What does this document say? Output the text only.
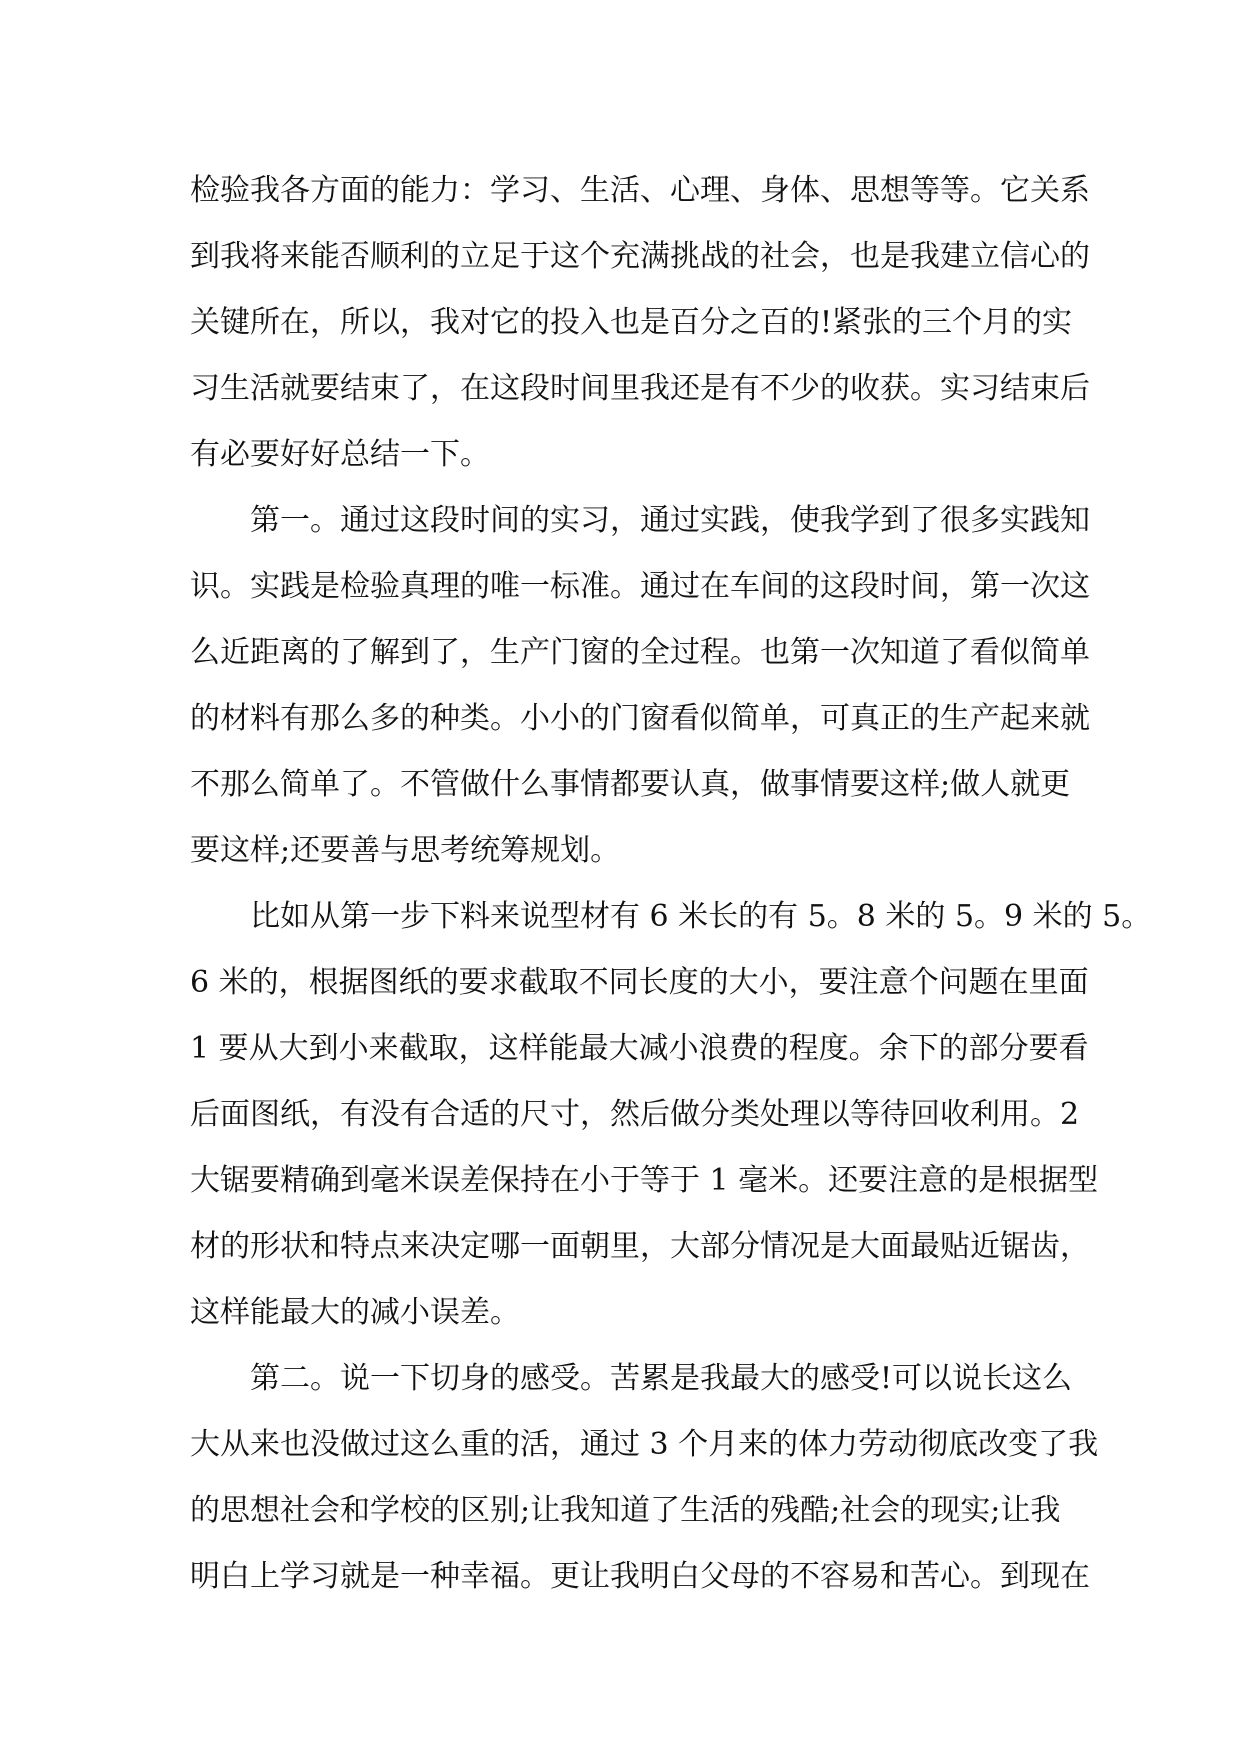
检验我各方面的能力：学习、生活、心理、身体、思想等等。它关系
到我将来能否顺利的立足于这个充满挑战的社会，也是我建立信心的
关键所在，所以，我对它的投入也是百分之百的!紧张的三个月的实
习生活就要结束了，在这段时间里我还是有不少的收获。实习结束后
有必要好好总结一下。
第一。通过这段时间的实习，通过实践，使我学到了很多实践知
识。实践是检验真理的唯一标准。通过在车间的这段时间，第一次这
么近距离的了解到了，生产门窗的全过程。也第一次知道了看似简单
的材料有那么多的种类。小小的门窗看似简单，可真正的生产起来就
不那么简单了。不管做什么事情都要认真，做事情要这样;做人就更
要这样;还要善与思考统筹规划。
比如从第一步下料来说型材有 6 米长的有 5。8 米的 5。9 米的 5。
6 米的，根据图纸的要求截取不同长度的大小，要注意个问题在里面
1 要从大到小来截取，这样能最大减小浪费的程度。余下的部分要看
后面图纸，有没有合适的尺寸，然后做分类处理以等待回收利用。2
大锯要精确到毫米误差保持在小于等于 1 毫米。还要注意的是根据型
材的形状和特点来决定哪一面朝里，大部分情况是大面最贴近锯齿，
这样能最大的减小误差。
第二。说一下切身的感受。苦累是我最大的感受!可以说长这么
大从来也没做过这么重的活，通过 3 个月来的体力劳动彻底改变了我
的思想社会和学校的区别;让我知道了生活的残酷;社会的现实;让我
明白上学习就是一种幸福。更让我明白父母的不容易和苦心。到现在
